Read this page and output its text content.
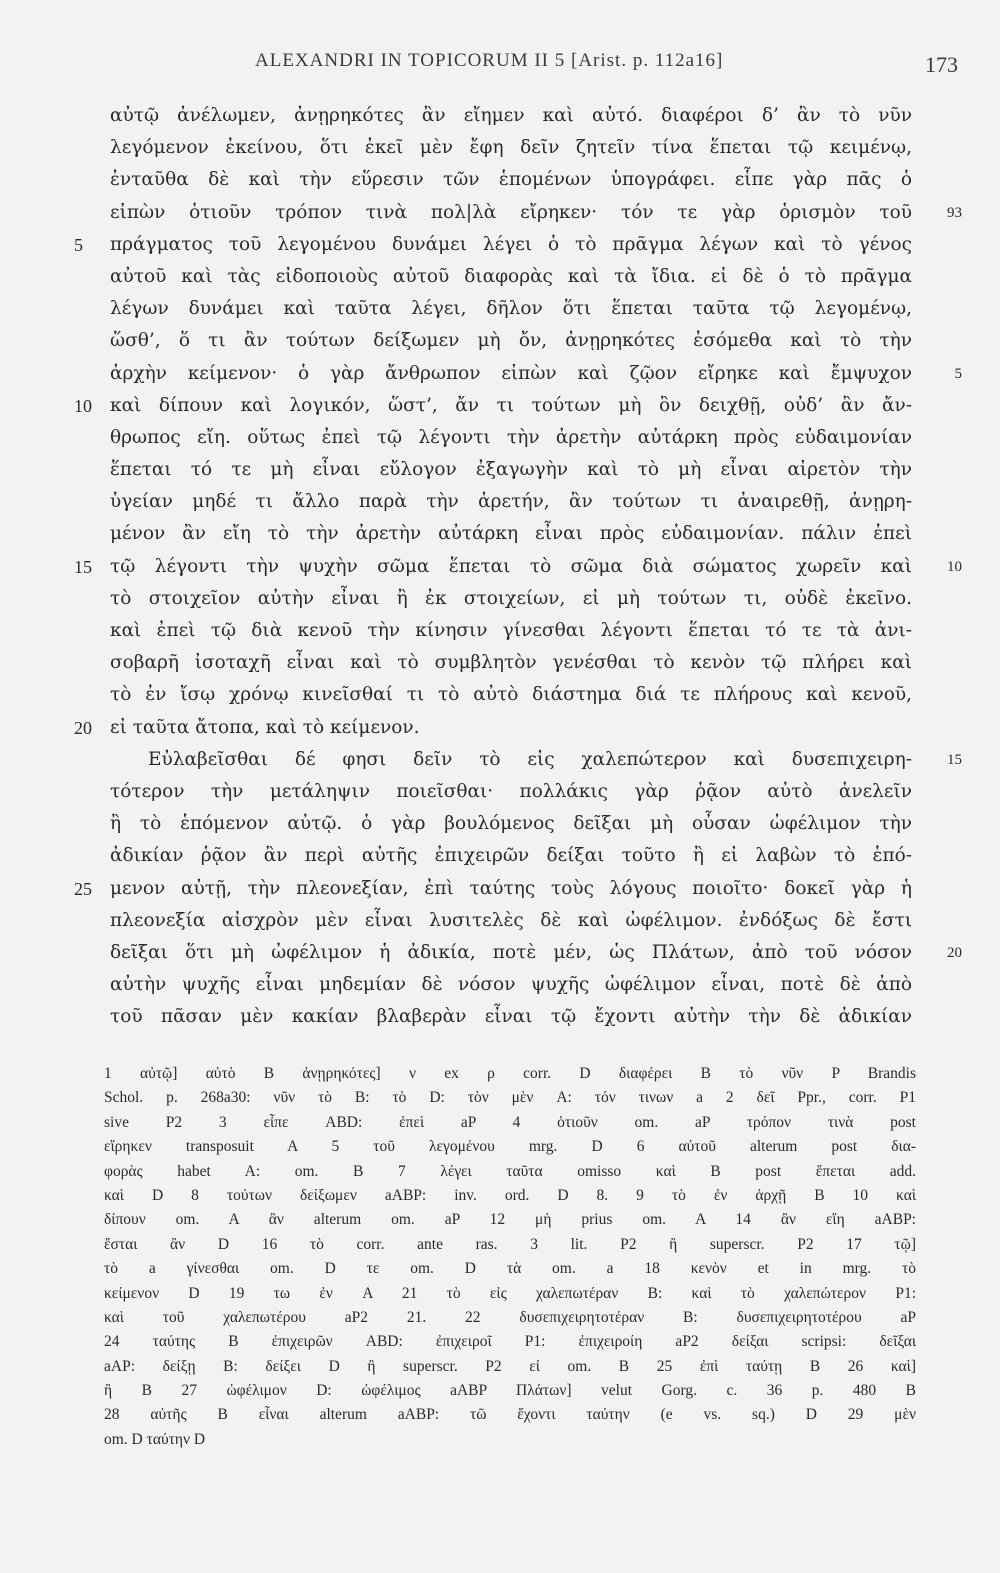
ALEXANDRI IN TOPICORUM II 5 [Arist. p. 112a16]	173
αὐτῷ ἀνέλωμεν, ἀνῃρηκότες ἂν εἴημεν καὶ αὐτό. διαφέροι δ’ ἂν τὸ νῦν
λεγόμενον ἐκείνου, ὅτι ἐκεῖ μὲν ἔφη δεῖν ζητεῖν τίνα ἕπεται τῷ κειμένῳ,
ἐνταῦθα δὲ καὶ τὴν εὕρεσιν τῶν ἑπομένων ὑπογράφει. εἶπε γὰρ πᾶς ὁ
εἰπὼν ὁτιοῦν τρόπον τινὰ πολ|λὰ εἴρηκεν· τόν τε γὰρ ὁρισμὸν τοῦ 93
5 πράγματος τοῦ λεγομένου δυνάμει λέγει ὁ τὸ πρᾶγμα λέγων καὶ τὸ γένος
αὐτοῦ καὶ τὰς εἰδοποιοὺς αὐτοῦ διαφορὰς καὶ τὰ ἴδια. εἰ δὲ ὁ τὸ πρᾶγμα
λέγων δυνάμει καὶ ταῦτα λέγει, δῆλον ὅτι ἕπεται ταῦτα τῷ λεγομένῳ,
ὥσθ’, ὅ τι ἂν τούτων δείξωμεν μὴ ὄν, ἀνῃρηκότες ἐσόμεθα καὶ τὸ τὴν
ἀρχὴν κείμενον· ὁ γὰρ ἄνθρωπον εἰπὼν καὶ ζῷον εἴρηκε καὶ ἔμψυχον	5
10 καὶ δίπουν καὶ λογικόν, ὥστ’, ἄν τι τούτων μὴ ὂν δειχθῇ, οὐδ’ ἂν ἄν-
θρωπος εἴη. οὕτως ἐπεὶ τῷ λέγοντι τὴν ἀρετὴν αὐτάρκη πρὸς εὐδαιμονίαν
ἕπεται τό τε μὴ εἶναι εὔλογον ἐξαγωγὴν καὶ τὸ μὴ εἶναι αἱρετὸν τὴν
ὑγείαν μηδέ τι ἄλλο παρὰ τὴν ἀρετήν, ἂν τούτων τι ἀναιρεθῇ, ἀνῃρη-
μένον ἂν εἴη τὸ τὴν ἀρετὴν αὐτάρκη εἶναι πρὸς εὐδαιμονίαν. πάλιν ἐπεὶ
15 τῷ λέγοντι τὴν ψυχὴν σῶμα ἕπεται τὸ σῶμα διὰ σώματος χωρεῖν καὶ 10
τὸ στοιχεῖον αὐτὴν εἶναι ἢ ἐκ στοιχείων, εἰ μὴ τούτων τι, οὐδὲ ἐκεῖνο.
καὶ ἐπεὶ τῷ διὰ κενοῦ τὴν κίνησιν γίνεσθαι λέγοντι ἕπεται τό τε τὰ ἀνι-
σοβαρῆ ἰσοταχῆ εἶναι καὶ τὸ συμβλητὸν γενέσθαι τὸ κενὸν τῷ πλήρει καὶ
τὸ ἐν ἴσῳ χρόνῳ κινεῖσθαί τι τὸ αὐτὸ διάστημα διά τε πλήρους καὶ κενοῦ,
20 εἰ ταῦτα ἄτοπα, καὶ τὸ κείμενον.
Εὐλαβεῖσθαι δέ φησι δεῖν τὸ εἰς χαλεπώτερον καὶ δυσεπιχειρη- 15
τότερον τὴν μετάληψιν ποιεῖσθαι· πολλάκις γὰρ ῥᾷον αὐτὸ ἀνελεῖν
ἢ τὸ ἑπόμενον αὐτῷ. ὁ γὰρ βουλόμενος δεῖξαι μὴ οὖσαν ὠφέλιμον τὴν
ἀδικίαν ῥᾷον ἂν περὶ αὐτῆς ἐπιχειρῶν δείξαι τοῦτο ἢ εἰ λαβὼν τὸ ἑπό-
25 μενον αὐτῇ, τὴν πλεονεξίαν, ἐπὶ ταύτης τοὺς λόγους ποιοῖτο· δοκεῖ γὰρ ἡ
πλεονεξία αἰσχρὸν μὲν εἶναι λυσιτελὲς δὲ καὶ ὠφέλιμον. ἐνδόξως δὲ ἔστι
δεῖξαι ὅτι μὴ ὠφέλιμον ἡ ἀδικία, ποτὲ μέν, ὡς Πλάτων, ἀπὸ τοῦ νόσον 20
αὐτὴν ψυχῆς εἶναι μηδεμίαν δὲ νόσον ψυχῆς ὠφέλιμον εἶναι, ποτὲ δὲ ἀπὸ
τοῦ πᾶσαν μὲν κακίαν βλαβερὰν εἶναι τῷ ἔχοντι αὐτὴν τὴν δὲ ἀδικίαν
1 αὐτῷ] αὐτὸ B ἀνῃρηκότες] ν ex ρ corr. D διαφέρει B τὸ νῦν P Brandis
Schol. p. 268a30: νῦν τὸ B: τὸ D: τὸν μὲν A: τόν τινων a 2 δεῖ Ppr., corr. P1
sive P2 3 εἶπε ABD: ἐπεὶ aP 4 ὁτιοῦν om. aP τρόπον τινὰ post
εἴρηκεν transposuit A 5 τοῦ λεγομένου mrg. D 6 αὐτοῦ alterum post δια-
φορὰς habet A: om. B 7 λέγει ταῦτα omisso καὶ B post ἕπεται add.
καὶ D 8 τούτων δείξωμεν aABP: inv. ord. D 8. 9 τὸ ἐν ἀρχῇ B 10 καὶ
δίπουν om. A ἂν alterum om. aP 12 μὴ prius om. A 14 ἂν εἴη aABP:
ἔσται ἂν D 16 τὸ corr. ante ras. 3 lit. P2 ἢ superscr. P2 17 τῷ]
τὸ a γίνεσθαι om. D τε om. D τὰ om. a 18 κενὸν et in mrg. τὸ
κείμενον D 19 τω ἐν A 21 τὸ εἰς χαλεπωτέραν B: καὶ τὸ χαλεπώτερον P1:
καὶ τοῦ χαλεπωτέρου aP2 21. 22 δυσεπιχειρητοτέραν B: δυσεπιχειρητοτέρου aP
24 ταύτης B ἐπιχειρῶν ABD: ἐπιχειροῖ P1: ἐπιχειροίη aP2 δείξαι scripsi: δεῖξαι
aAP: δείξῃ B: δείξει D ἢ superscr. P2 εἰ om. B 25 ἐπὶ ταύτῃ B 26 καὶ]
ἢ B 27 ὠφέλιμον D: ὠφέλιμος aABP Πλάτων] velut Gorg. c. 36 p. 480 B
28 αὐτῆς B εἶναι alterum aABP: τῶ ἔχοντι ταύτην (e vs. sq.) D 29 μὲν
om. D ταύτην D
